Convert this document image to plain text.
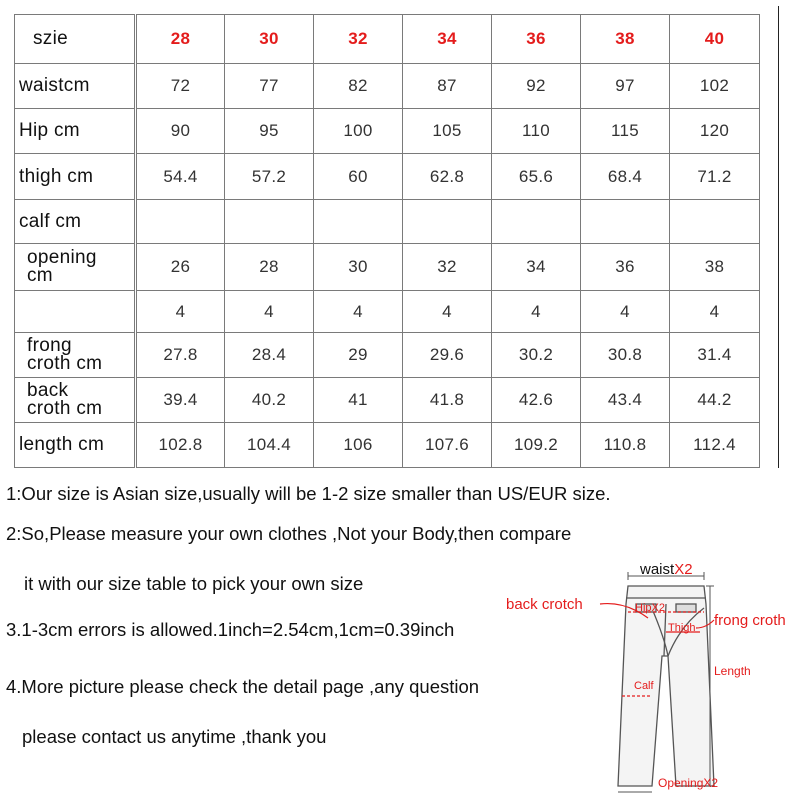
szie	28	30	32	34	36	38	40

waistcm	72	77	82	87	92	97	102

Hip cm	90	95	100	105	110	115	120

thigh cm	54.4	57.2	60	62.8	65.6	68.4	71.2

calf cm							

opening
cm	26	28	30	32	34	36	38

	4	4	4	4	4	4	4

frong
croth cm	27.8	28.4	29	29.6	30.2	30.8	31.4

back
croth cm	39.4	40.2	41	41.8	42.6	43.4	44.2

length cm	102.8	104.4	106	107.6	109.2	110.8	112.4
1:Our size is Asian size,usually will be 1-2 size smaller than US/EUR size.
2:So,Please measure your own clothes ,Not your Body,then compare
it with our size table to pick your own size
3.1-3cm errors is allowed.1inch=2.54cm,1cm=0.39inch
4.More picture please check the detail page ,any question
please contact us anytime ,thank you
waistX2
back crotch	HipX2
frong croth
Thigh
Length
Calf
OpeningX2
